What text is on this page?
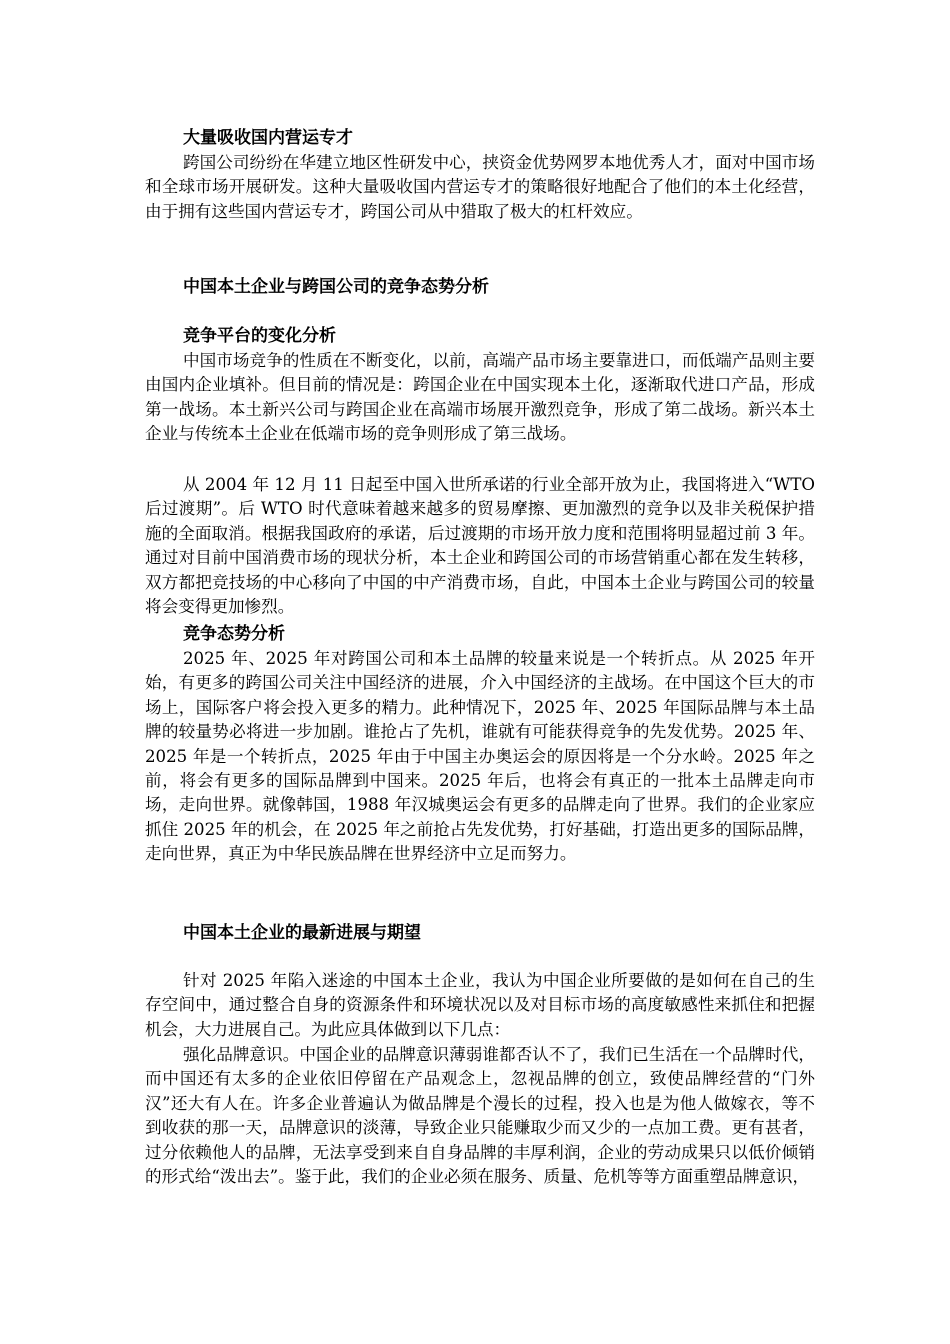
大量吸收国内营运专才
跨国公司纷纷在华建立地区性研发中心，挟资金优势网罗本地优秀人才，面对中国市场和全球市场开展研发。这种大量吸收国内营运专才的策略很好地配合了他们的本土化经营，由于拥有这些国内营运专才，跨国公司从中猎取了极大的杠杆效应。
中国本土企业与跨国公司的竞争态势分析
竞争平台的变化分析
中国市场竞争的性质在不断变化，以前，高端产品市场主要靠进口，而低端产品则主要由国内企业填补。但目前的情况是：跨国企业在中国实现本土化，逐渐取代进口产品，形成第一战场。本土新兴公司与跨国企业在高端市场展开激烈竞争，形成了第二战场。新兴本土企业与传统本土企业在低端市场的竞争则形成了第三战场。
从 2004 年 12 月 11 日起至中国入世所承诺的行业全部开放为止，我国将进入“WTO 后过渡期”。后 WTO 时代意味着越来越多的贸易摩擦、更加激烈的竞争以及非关税保护措施的全面取消。根据我国政府的承诺，后过渡期的市场开放力度和范围将明显超过前 3 年。通过对目前中国消费市场的现状分析，本土企业和跨国公司的市场营销重心都在发生转移，双方都把竞技场的中心移向了中国的中产消费市场，自此，中国本土企业与跨国公司的较量将会变得更加惨烈。
竞争态势分析
2025 年、2025 年对跨国公司和本土品牌的较量来说是一个转折点。从 2025 年开始，有更多的跨国公司关注中国经济的进展，介入中国经济的主战场。在中国这个巨大的市场上，国际客户将会投入更多的精力。此种情况下，2025 年、2025 年国际品牌与本土品牌的较量势必将进一步加剧。谁抢占了先机，谁就有可能获得竞争的先发优势。2025 年、2025 年是一个转折点，2025 年由于中国主办奥运会的原因将是一个分水岭。2025 年之前，将会有更多的国际品牌到中国来。2025 年后，也将会有真正的一批本土品牌走向市场，走向世界。就像韩国，1988 年汉城奥运会有更多的品牌走向了世界。我们的企业家应抓住 2025 年的机会，在 2025 年之前抢占先发优势，打好基础，打造出更多的国际品牌，走向世界，真正为中华民族品牌在世界经济中立足而努力。
中国本土企业的最新进展与期望
针对 2025 年陷入迷途的中国本土企业，我认为中国企业所要做的是如何在自己的生存空间中，通过整合自身的资源条件和环境状况以及对目标市场的高度敏感性来抓住和把握机会，大力进展自己。为此应具体做到以下几点：
强化品牌意识。中国企业的品牌意识薄弱谁都否认不了，我们已生活在一个品牌时代，而中国还有太多的企业依旧停留在产品观念上，忽视品牌的创立，致使品牌经营的“门外汉”还大有人在。许多企业普遍认为做品牌是个漫长的过程，投入也是为他人做嫁衣，等不到收获的那一天，品牌意识的淡薄，导致企业只能赚取少而又少的一点加工费。更有甚者，过分依赖他人的品牌，无法享受到来自自身品牌的丰厚利润，企业的劳动成果只以低价倾销的形式给“泼出去”。鉴于此，我们的企业必须在服务、质量、危机等等方面重塑品牌意识，
